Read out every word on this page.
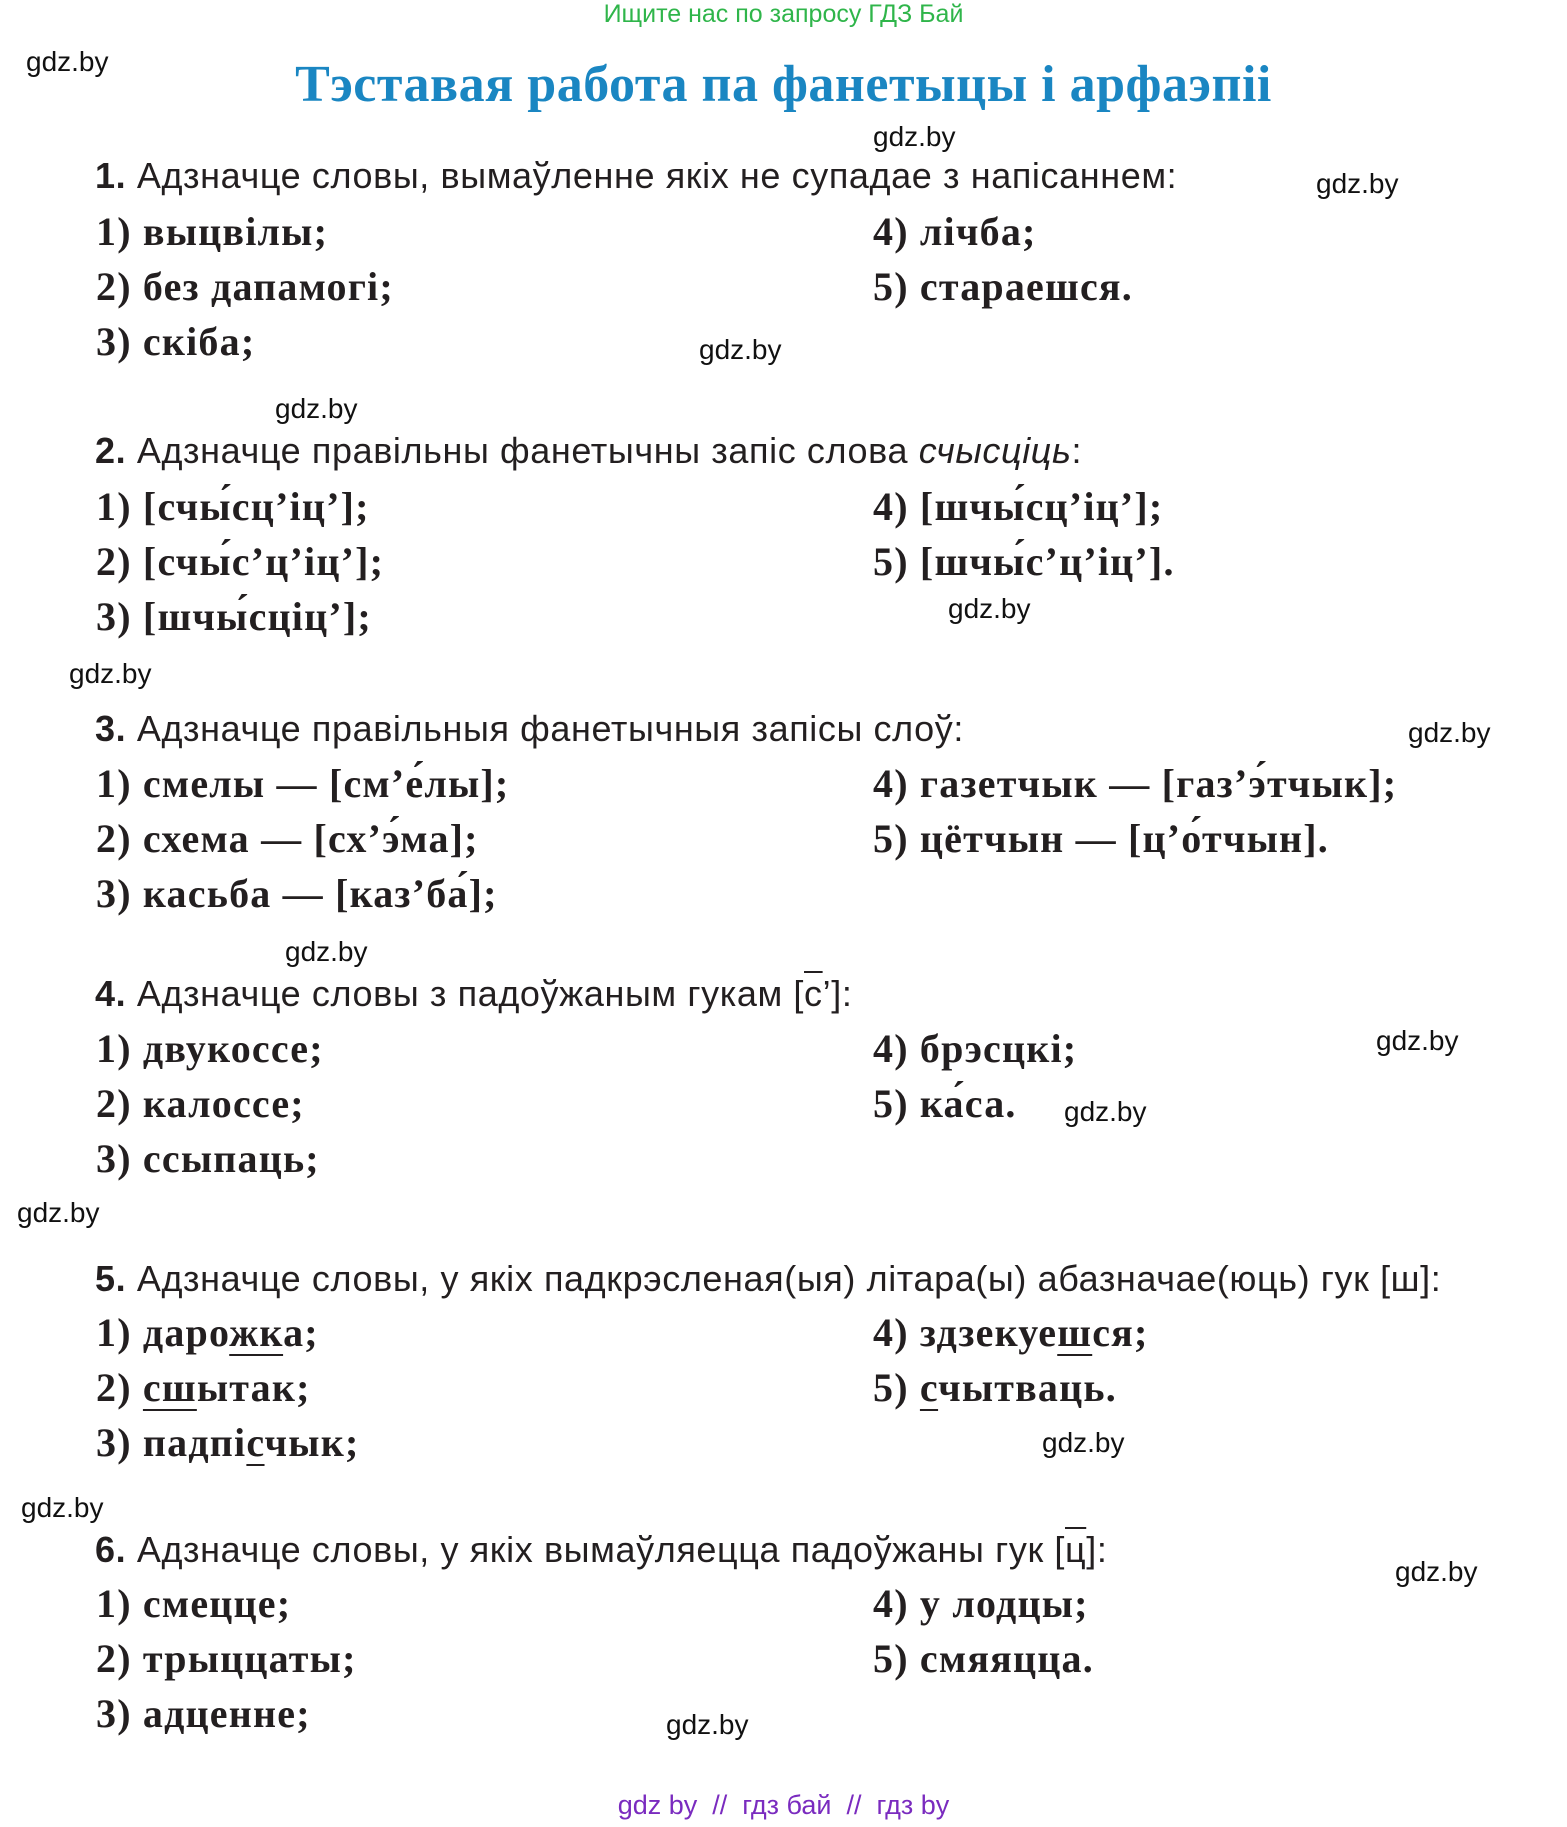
Ищите нас по запросу ГДЗ Бай
gdz.by
gdz.by
gdz.by
gdz.by
gdz.by
gdz.by
gdz.by
gdz.by
gdz.by
gdz.by
gdz.by
gdz.by
gdz.by
gdz.by
gdz.by
gdz.by
Тэставая работа па фанетыцы і арфаэпіі
1. Адзначце словы, вымаўленне якіх не супадае з напісаннем:
1) выцвілы;
2) без дапамогі;
3) скіба;
4) лічба;
5) стараешся.
2. Адзначце правільны фанетычны запіс слова счысціць:
1) [счы́сц’іц’];
2) [счы́с’ц’іц’];
3) [шчы́сціц’];
4) [шчы́сц’іц’];
5) [шчы́с’ц’іц’].
3. Адзначце правільныя фанетычныя запісы слоў:
1) смелы — [см’е́лы];
2) схема — [сх’э́ма];
3) касьба — [каз’ба́];
4) газетчык — [газ’э́тчык];
5) цётчын — [ц’о́тчын].
4. Адзначце словы з падоўжаным гукам [с’]:
1) двукоссе;
2) калоссе;
3) ссыпаць;
4) брэсцкі;
5) ка́са.
5. Адзначце словы, у якіх падкрэсленая(ыя) літара(ы) абазначае(юць) гук [ш]:
1) дарожка;
2) сшытак;
3) падпісчык;
4) здзекуешся;
5) счытваць.
6. Адзначце словы, у якіх вымаўляецца падоўжаны гук [ц]:
1) смецце;
2) трыццаты;
3) адценне;
4) у лодцы;
5) смяяцца.
gdz by  //  гдз бай  //  гдз by
